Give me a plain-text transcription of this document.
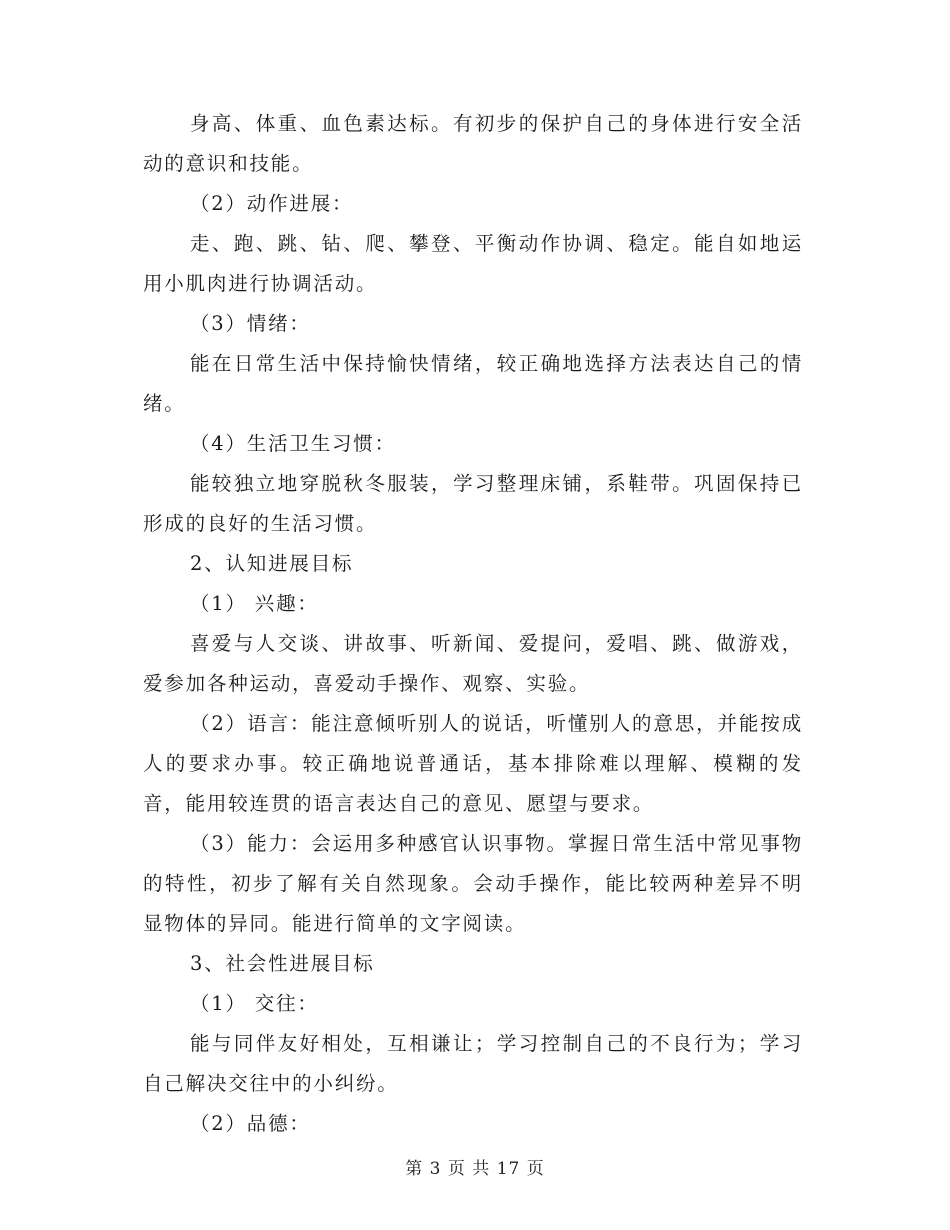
身高、体重、血色素达标。有初步的保护自己的身体进行安全活动的意识和技能。

（2）动作进展：

走、跑、跳、钻、爬、攀登、平衡动作协调、稳定。能自如地运用小肌肉进行协调活动。

（3）情绪：

能在日常生活中保持愉快情绪，较正确地选择方法表达自己的情绪。

（4）生活卫生习惯：

能较独立地穿脱秋冬服装，学习整理床铺，系鞋带。巩固保持已形成的良好的生活习惯。

2、认知进展目标

（1） 兴趣：

喜爱与人交谈、讲故事、听新闻、爱提问，爱唱、跳、做游戏，爱参加各种运动，喜爱动手操作、观察、实验。

（2）语言：能注意倾听别人的说话，听懂别人的意思，并能按成人的要求办事。较正确地说普通话，基本排除难以理解、模糊的发音，能用较连贯的语言表达自己的意见、愿望与要求。

（3）能力：会运用多种感官认识事物。掌握日常生活中常见事物的特性，初步了解有关自然现象。会动手操作，能比较两种差异不明显物体的异同。能进行简单的文字阅读。

3、社会性进展目标

（1） 交往：

能与同伴友好相处，互相谦让；学习控制自己的不良行为；学习自己解决交往中的小纠纷。

（2）品德：

第 3 页 共 17 页
